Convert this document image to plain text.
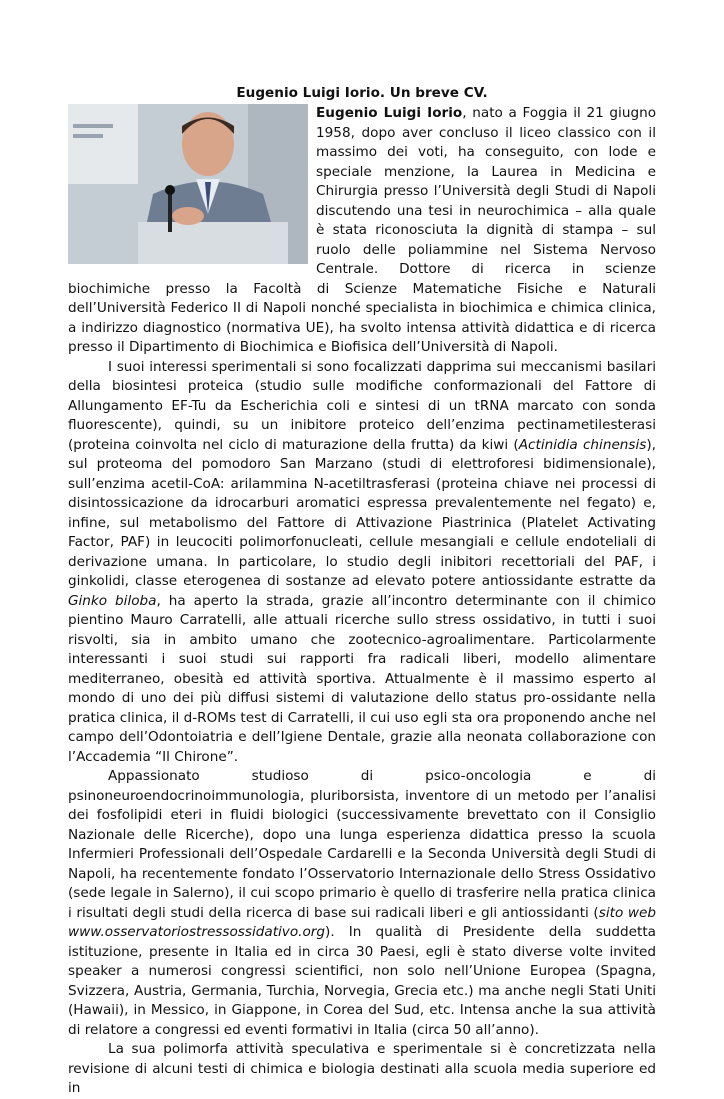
Eugenio Luigi Iorio. Un breve CV.

Eugenio Luigi Iorio, nato a Foggia il 21 giugno 1958, dopo aver concluso il liceo classico con il massimo dei voti, ha conseguito, con lode e speciale menzione, la Laurea in Medicina e Chirurgia presso l’Università degli Studi di Napoli discutendo una tesi in neurochimica – alla quale è stata riconosciuta la dignità di stampa – sul ruolo delle poliammine nel Sistema Nervoso Centrale. Dottore di ricerca in scienze biochimiche presso la Facoltà di Scienze Matematiche Fisiche e Naturali dell’Università Federico II di Napoli nonché specialista in biochimica e chimica clinica, a indirizzo diagnostico (normativa UE), ha svolto intensa attività didattica e di ricerca presso il Dipartimento di Biochimica e Biofisica dell’Università di Napoli.

I suoi interessi sperimentali si sono focalizzati dapprima sui meccanismi basilari della biosintesi proteica (studio sulle modifiche conformazionali del Fattore di Allungamento EF-Tu da Escherichia coli e sintesi di un tRNA marcato con sonda fluorescente), quindi, su un inibitore proteico dell’enzima pectinametilesterasi (proteina coinvolta nel ciclo di maturazione della frutta) da kiwi (Actinidia chinensis), sul proteoma del pomodoro San Marzano (studi di elettroforesi bidimensionale), sull’enzima acetil-CoA: arilammina N-acetiltrasferasi (proteina chiave nei processi di disintossicazione da idrocarburi aromatici espressa prevalentemente nel fegato) e, infine, sul metabolismo del Fattore di Attivazione Piastrinica (Platelet Activating Factor, PAF) in leucociti polimorfonucleati, cellule mesangiali e cellule endoteliali di derivazione umana. In particolare, lo studio degli inibitori recettoriali del PAF, i ginkolidi, classe eterogenea di sostanze ad elevato potere antiossidante estratte da Ginko biloba, ha aperto la strada, grazie all’incontro determinante con il chimico pientino Mauro Carratelli, alle attuali ricerche sullo stress ossidativo, in tutti i suoi risvolti, sia in ambito umano che zootecnico-agroalimentare. Particolarmente interessanti i suoi studi sui rapporti fra radicali liberi, modello alimentare mediterraneo, obesità ed attività sportiva. Attualmente è il massimo esperto al mondo di uno dei più diffusi sistemi di valutazione dello status pro-ossidante nella pratica clinica, il d-ROMs test di Carratelli, il cui uso egli sta ora proponendo anche nel campo dell’Odontoiatria e dell’Igiene Dentale, grazie alla neonata collaborazione con l’Accademia “Il Chirone”.

Appassionato studioso di psico-oncologia e di psinoneuroendocrinoimmunologia, pluriborsista, inventore di un metodo per l’analisi dei fosfolipidi eteri in fluidi biologici (successivamente brevettato con il Consiglio Nazionale delle Ricerche), dopo una lunga esperienza didattica presso la scuola Infermieri Professionali dell’Ospedale Cardarelli e la Seconda Università degli Studi di Napoli, ha recentemente fondato l’Osservatorio Internazionale dello Stress Ossidativo (sede legale in Salerno), il cui scopo primario è quello di trasferire nella pratica clinica i risultati degli studi della ricerca di base sui radicali liberi e gli antiossidanti (sito web www.osservatoriostressossidativo.org). In qualità di Presidente della suddetta istituzione, presente in Italia ed in circa 30 Paesi, egli è stato diverse volte invited speaker a numerosi congressi scientifici, non solo nell’Unione Europea (Spagna, Svizzera, Austria, Germania, Turchia, Norvegia, Grecia etc.) ma anche negli Stati Uniti (Hawaii), in Messico, in Giappone, in Corea del Sud, etc. Intensa anche la sua attività di relatore a congressi ed eventi formativi in Italia (circa 50 all’anno).

La sua polimorfa attività speculativa e sperimentale si è concretizzata nella revisione di alcuni testi di chimica e biologia destinati alla scuola media superiore ed in
